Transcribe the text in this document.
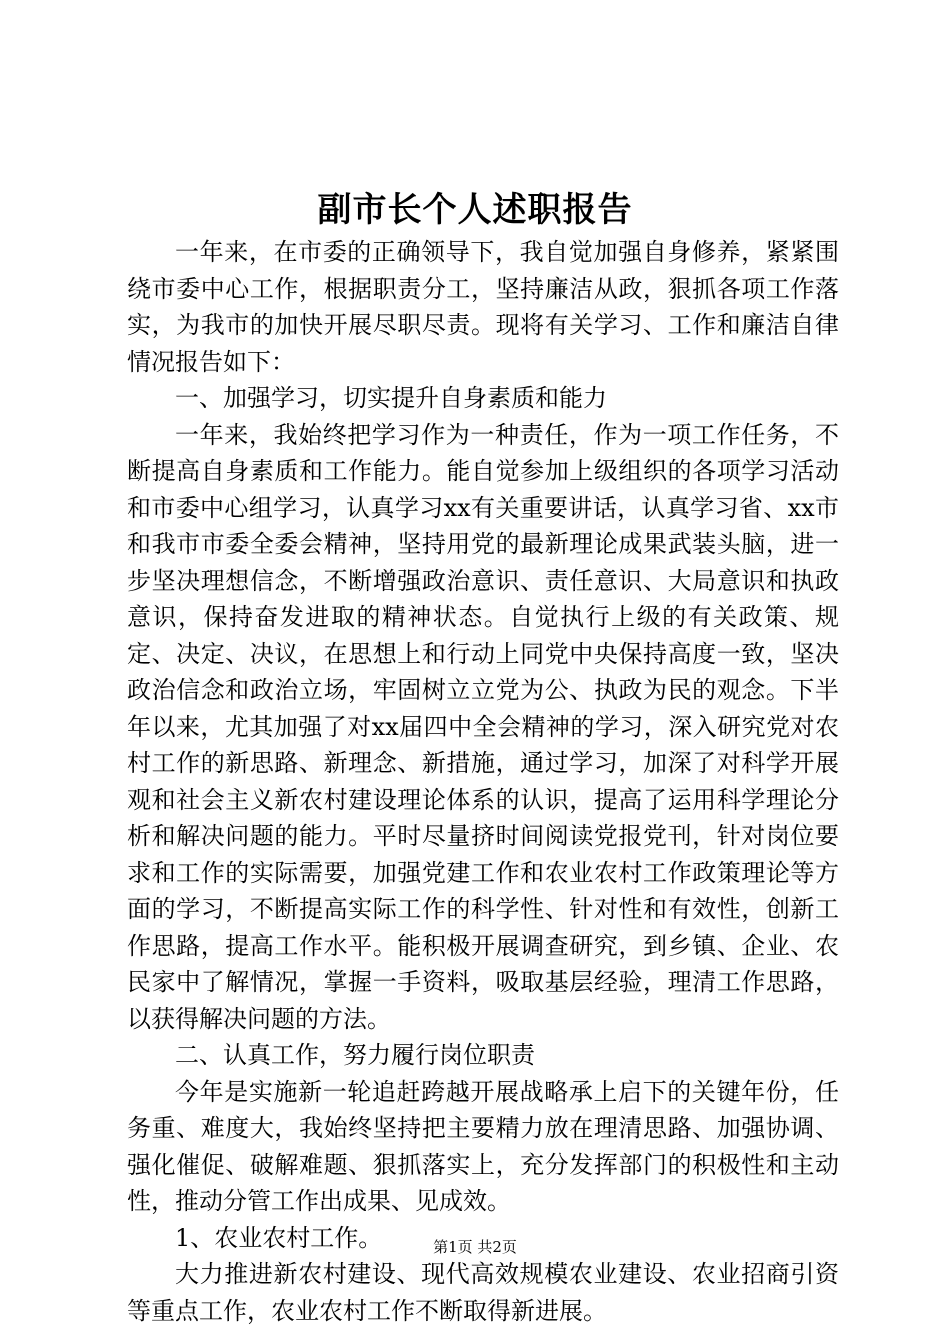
副市长个人述职报告

一年来，在市委的正确领导下，我自觉加强自身修养，紧紧围绕市委中心工作，根据职责分工，坚持廉洁从政，狠抓各项工作落实，为我市的加快开展尽职尽责。现将有关学习、工作和廉洁自律情况报告如下：

一、加强学习，切实提升自身素质和能力

一年来，我始终把学习作为一种责任，作为一项工作任务，不断提高自身素质和工作能力。能自觉参加上级组织的各项学习活动和市委中心组学习，认真学习xx有关重要讲话，认真学习省、xx市和我市市委全委会精神，坚持用党的最新理论成果武装头脑，进一步坚决理想信念，不断增强政治意识、责任意识、大局意识和执政意识，保持奋发进取的精神状态。自觉执行上级的有关政策、规定、决定、决议，在思想上和行动上同党中央保持高度一致，坚决政治信念和政治立场，牢固树立立党为公、执政为民的观念。下半年以来，尤其加强了对xx届四中全会精神的学习，深入研究党对农村工作的新思路、新理念、新措施，通过学习，加深了对科学开展观和社会主义新农村建设理论体系的认识，提高了运用科学理论分析和解决问题的能力。平时尽量挤时间阅读党报党刊，针对岗位要求和工作的实际需要，加强党建工作和农业农村工作政策理论等方面的学习，不断提高实际工作的科学性、针对性和有效性，创新工作思路，提高工作水平。能积极开展调查研究，到乡镇、企业、农民家中了解情况，掌握一手资料，吸取基层经验，理清工作思路，以获得解决问题的方法。

二、认真工作，努力履行岗位职责

今年是实施新一轮追赶跨越开展战略承上启下的关键年份，任务重、难度大，我始终坚持把主要精力放在理清思路、加强协调、强化催促、破解难题、狠抓落实上，充分发挥部门的积极性和主动性，推动分管工作出成果、见成效。

1、农业农村工作。

大力推进新农村建设、现代高效规模农业建设、农业招商引资等重点工作，农业农村工作不断取得新进展。

第1页 共2页
